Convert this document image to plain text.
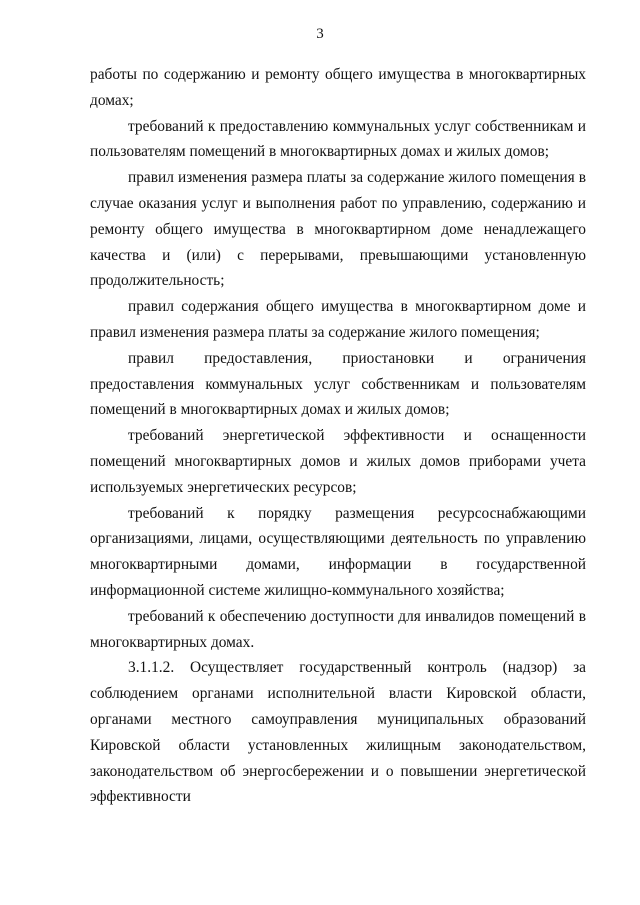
3

работы по содержанию и ремонту общего имущества в многоквартирных домах;

требований к предоставлению коммунальных услуг собственникам и пользователям помещений в многоквартирных домах и жилых домов;

правил изменения размера платы за содержание жилого помещения в случае оказания услуг и выполнения работ по управлению, содержанию и ремонту общего имущества в многоквартирном доме ненадлежащего качества и (или) с перерывами, превышающими установленную продолжительность;

правил содержания общего имущества в многоквартирном доме и правил изменения размера платы за содержание жилого помещения;

правил предоставления, приостановки и ограничения предоставления коммунальных услуг собственникам и пользователям помещений в многоквартирных домах и жилых домов;

требований энергетической эффективности и оснащенности помещений многоквартирных домов и жилых домов приборами учета используемых энергетических ресурсов;

требований к порядку размещения ресурсоснабжающими организациями, лицами, осуществляющими деятельность по управлению многоквартирными домами, информации в государственной информационной системе жилищно-коммунального хозяйства;

требований к обеспечению доступности для инвалидов помещений в многоквартирных домах.

3.1.1.2. Осуществляет государственный контроль (надзор) за соблюдением органами исполнительной власти Кировской области, органами местного самоуправления муниципальных образований Кировской области установленных жилищным законодательством, законодательством об энергосбережении и о повышении энергетической эффективности
